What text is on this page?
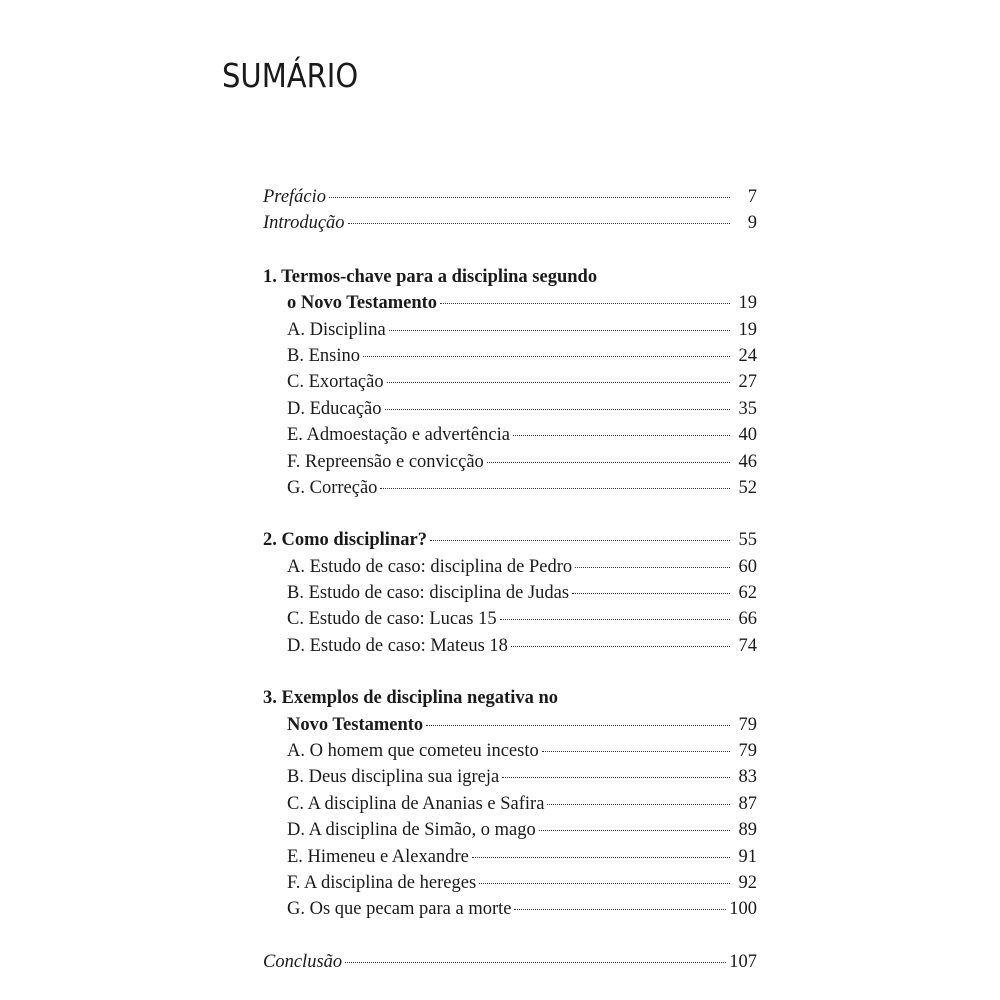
SUMÁRIO
Prefácio	7
Introdução	9
1. Termos-chave para a disciplina segundo
o Novo Testamento	19
A. Disciplina	19
B. Ensino	24
C. Exortação	27
D. Educação	35
E. Admoestação e advertência	40
F. Repreensão e convicção	46
G. Correção	52
2. Como disciplinar?	55
A. Estudo de caso: disciplina de Pedro	60
B. Estudo de caso: disciplina de Judas	62
C. Estudo de caso: Lucas 15	66
D. Estudo de caso: Mateus 18	74
3. Exemplos de disciplina negativa no
Novo Testamento	79
A. O homem que cometeu incesto	79
B. Deus disciplina sua igreja	83
C. A disciplina de Ananias e Safira	87
D. A disciplina de Simão, o mago	89
E. Himeneu e Alexandre	91
F. A disciplina de hereges	92
G. Os que pecam para a morte	100
Conclusão	107
